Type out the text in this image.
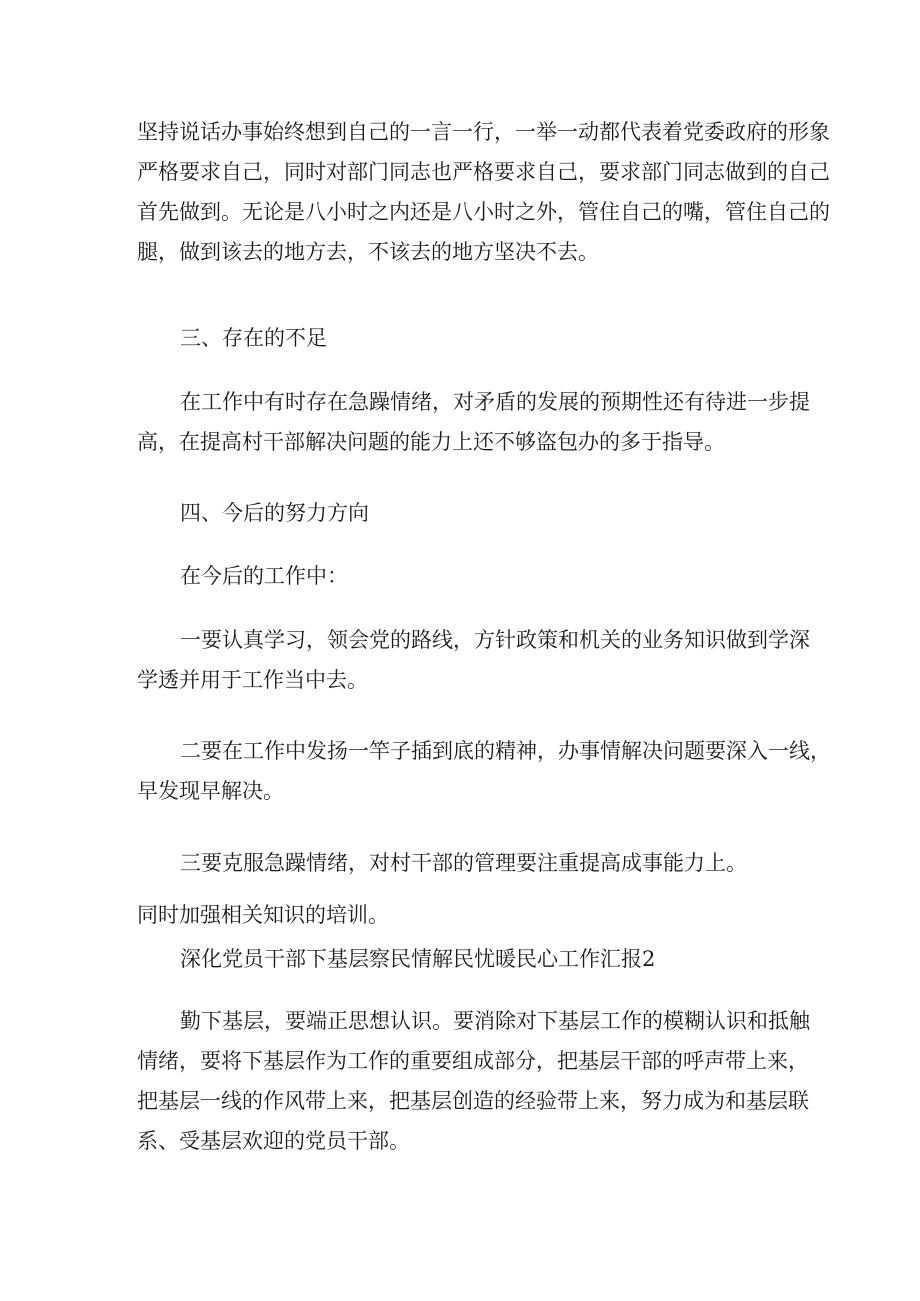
坚持说话办事始终想到自己的一言一行，一举一动都代表着党委政府的形象
严格要求自己，同时对部门同志也严格要求自己，要求部门同志做到的自己
首先做到。无论是八小时之内还是八小时之外，管住自己的嘴，管住自己的
腿，做到该去的地方去，不该去的地方坚决不去。
三、存在的不足
在工作中有时存在急躁情绪，对矛盾的发展的预期性还有待进一步提
高，在提高村干部解决问题的能力上还不够盗包办的多于指导。
四、今后的努力方向
在今后的工作中：
一要认真学习，领会党的路线，方针政策和机关的业务知识做到学深
学透并用于工作当中去。
二要在工作中发扬一竿子插到底的精神，办事情解决问题要深入一线，
早发现早解决。
三要克服急躁情绪，对村干部的管理要注重提高成事能力上。
同时加强相关知识的培训。
深化党员干部下基层察民情解民忧暖民心工作汇报2
勤下基层，要端正思想认识。要消除对下基层工作的模糊认识和抵触
情绪，要将下基层作为工作的重要组成部分，把基层干部的呼声带上来，
把基层一线的作风带上来，把基层创造的经验带上来，努力成为和基层联
系、受基层欢迎的党员干部。
